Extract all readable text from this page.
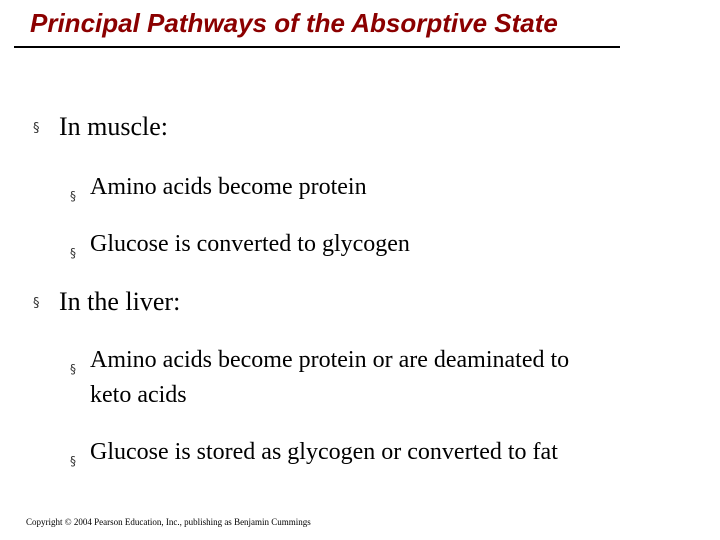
Principal Pathways of the Absorptive State
§ In muscle:
§ Amino acids become protein
§ Glucose is converted to glycogen
§ In the liver:
§ Amino acids become protein or are deaminated to
keto acids
§ Glucose is stored as glycogen or converted to fat
Copyright © 2004 Pearson Education, Inc., publishing as Benjamin Cummings
